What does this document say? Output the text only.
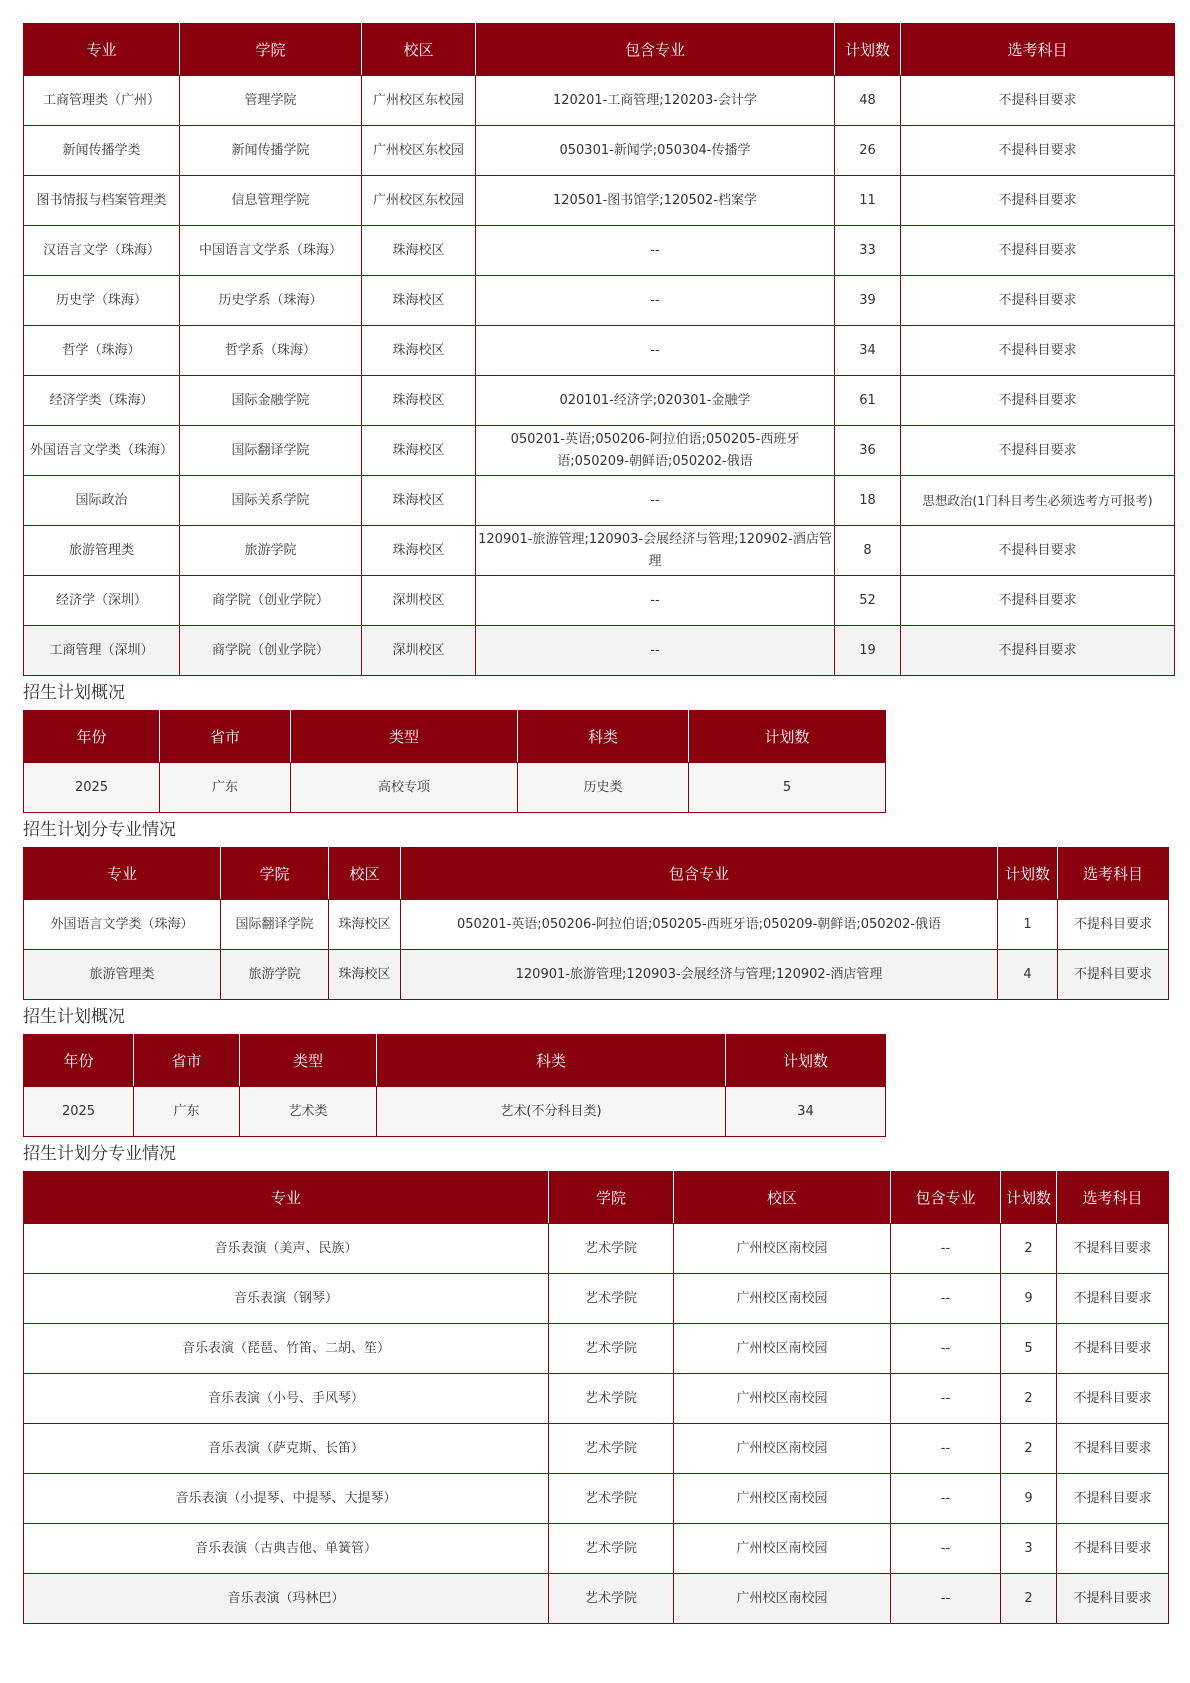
专业	学院	校区	包含专业	计划数	选考科目
工商管理类（广州）	管理学院	广州校区东校园	120201-工商管理;120203-会计学	48	不提科目要求
新闻传播学类	新闻传播学院	广州校区东校园	050301-新闻学;050304-传播学	26	不提科目要求
图书情报与档案管理类	信息管理学院	广州校区东校园	120501-图书馆学;120502-档案学	11	不提科目要求
汉语言文学（珠海）	中国语言文学系（珠海）	珠海校区	--	33	不提科目要求
历史学（珠海）	历史学系（珠海）	珠海校区	--	39	不提科目要求
哲学（珠海）	哲学系（珠海）	珠海校区	--	34	不提科目要求
经济学类（珠海）	国际金融学院	珠海校区	020101-经济学;020301-金融学	61	不提科目要求
外国语言文学类（珠海）	国际翻译学院	珠海校区	050201-英语;050206-阿拉伯语;050205-西班牙语;050209-朝鲜语;050202-俄语	36	不提科目要求
国际政治	国际关系学院	珠海校区	--	18	思想政治(1门科目考生必须选考方可报考)
旅游管理类	旅游学院	珠海校区	120901-旅游管理;120903-会展经济与管理;120902-酒店管理	8	不提科目要求
经济学（深圳）	商学院（创业学院）	深圳校区	--	52	不提科目要求
工商管理（深圳）	商学院（创业学院）	深圳校区	--	19	不提科目要求
招生计划概况
年份	省市	类型	科类	计划数
2025	广东	高校专项	历史类	5
招生计划分专业情况
专业	学院	校区	包含专业	计划数	选考科目
外国语言文学类（珠海）	国际翻译学院	珠海校区	050201-英语;050206-阿拉伯语;050205-西班牙语;050209-朝鲜语;050202-俄语	1	不提科目要求
旅游管理类	旅游学院	珠海校区	120901-旅游管理;120903-会展经济与管理;120902-酒店管理	4	不提科目要求
招生计划概况
年份	省市	类型	科类	计划数
2025	广东	艺术类	艺术(不分科目类)	34
招生计划分专业情况
专业	学院	校区	包含专业	计划数	选考科目
音乐表演（美声、民族）	艺术学院	广州校区南校园	--	2	不提科目要求
音乐表演（钢琴）	艺术学院	广州校区南校园	--	9	不提科目要求
音乐表演（琵琶、竹笛、二胡、笙）	艺术学院	广州校区南校园	--	5	不提科目要求
音乐表演（小号、手风琴）	艺术学院	广州校区南校园	--	2	不提科目要求
音乐表演（萨克斯、长笛）	艺术学院	广州校区南校园	--	2	不提科目要求
音乐表演（小提琴、中提琴、大提琴）	艺术学院	广州校区南校园	--	9	不提科目要求
音乐表演（古典吉他、单簧管）	艺术学院	广州校区南校园	--	3	不提科目要求
音乐表演（玛林巴）	艺术学院	广州校区南校园	--	2	不提科目要求
